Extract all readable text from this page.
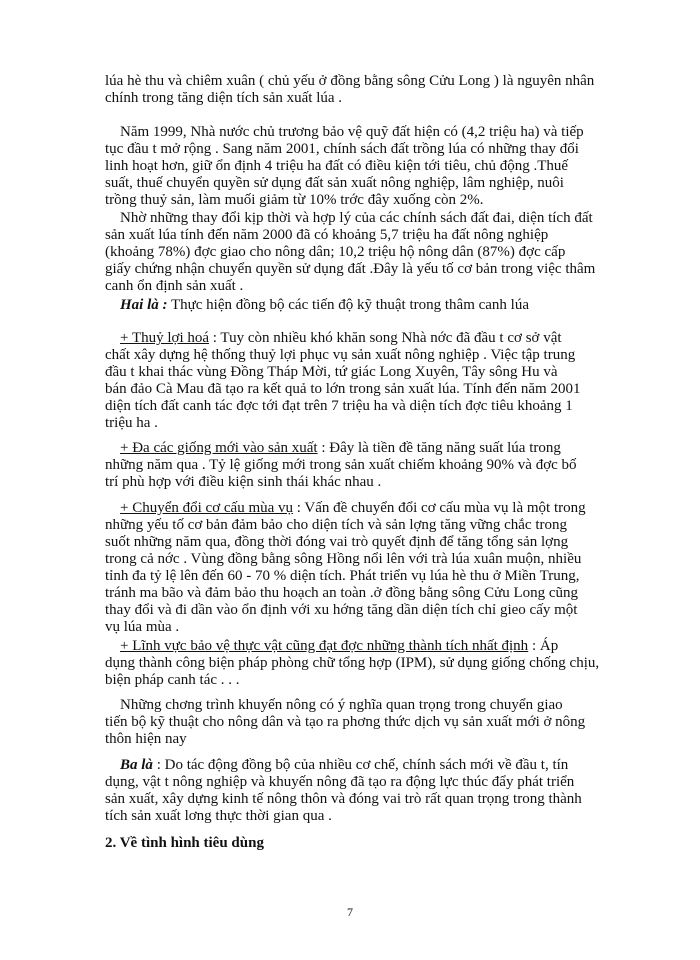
lúa hè thu và chiêm xuân ( chủ yếu ở đồng bằng sông Cửu Long ) là nguyên nhân
chính trong tăng diện tích sản xuất lúa .

Năm 1999, Nhà nước chủ trương bảo vệ quỹ đất hiện có (4,2 triệu ha) và tiếp
tục đầu t mở rộng . Sang năm 2001, chính sách đất trồng lúa có những thay đổi
linh hoạt hơn, giữ ổn định 4 triệu ha đất có điều kiện tới tiêu, chủ động .Thuế
suất, thuế chuyển quyền sử dụng đất sản xuất nông nghiệp, lâm nghiệp, nuôi
trồng thuỷ sản, làm muối giảm từ 10% trớc đây xuống còn 2%.

Nhờ những thay đổi kịp thời và hợp lý của các chính sách đất đai, diện tích đất
sản xuất lúa tính đến năm 2000 đã có khoảng 5,7 triệu ha đất nông nghiệp
(khoảng 78%) đợc giao cho nông dân; 10,2 triệu hộ nông dân (87%) đợc cấp
giấy chứng nhận chuyển quyền sử dụng đất .Đây là yếu tố cơ bản trong việc thâm
canh ổn định sản xuất .

Hai là : Thực hiện đồng bộ các tiến độ kỹ thuật trong thâm canh lúa

+ Thuỷ lợi hoá : Tuy còn nhiều khó khăn song Nhà nớc đã đầu t cơ sở vật
chất xây dựng hệ thống thuỷ lợi phục vụ sản xuất nông nghiệp . Việc tập trung
đầu t khai thác vùng Đồng Tháp Mời, tứ giác Long Xuyên, Tây sông Hu và
bán đảo Cà Mau đã tạo ra kết quả to lớn trong sản xuất lúa. Tính đến năm 2001
diện tích đất canh tác đợc tới đạt trên 7 triệu ha và diện tích đợc tiêu khoảng 1
triệu ha .

+ Đa các giống mới vào sản xuất : Đây là tiền đề tăng năng suất lúa trong
những năm qua . Tỷ lệ giống mới trong sản xuất chiếm khoảng 90% và đợc bố
trí phù hợp với điều kiện sinh thái khác nhau .

+ Chuyển đổi cơ cấu mùa vụ : Vấn đề chuyển đổi cơ cấu mùa vụ là một trong
những yếu tố cơ bản đảm bảo cho diện tích và sản lợng tăng vững chắc trong
suốt những năm qua, đồng thời đóng vai trò quyết định để tăng tổng sản lợng
trong cả nớc . Vùng đồng bằng sông Hồng nổi lên với trà lúa xuân muộn, nhiều
tỉnh đa tỷ lệ lên đến 60 - 70 % diện tích. Phát triển vụ lúa hè thu ở Miền Trung,
tránh ma bão và đảm bảo thu hoạch an toàn .ở đồng bằng sông Cửu Long cũng
thay đổi và đi dần vào ổn định với xu hớng tăng dần diện tích chỉ gieo cấy một
vụ lúa mùa .

+ Lĩnh vực bảo vệ thực vật cũng đạt đợc những thành tích nhất định : Áp
dụng thành công biện pháp phòng chữ tổng hợp (IPM), sử dụng giống chống chịu,
biện pháp canh tác . . .

Những chơng trình khuyến nông có ý nghĩa quan trọng trong chuyển giao
tiến bộ kỹ thuật cho nông dân và tạo ra phơng thức dịch vụ sản xuất mới ở nông
thôn hiện nay

Ba là : Do tác động đồng bộ của nhiều cơ chế, chính sách mới về đầu t, tín
dụng, vật t nông nghiệp và khuyến nông đã tạo ra động lực thúc đẩy phát triển
sản xuất, xây dựng kinh tế nông thôn và đóng vai trò rất quan trọng trong thành
tích sản xuất lơng thực thời gian qua .

2. Về tình hình tiêu dùng
7
